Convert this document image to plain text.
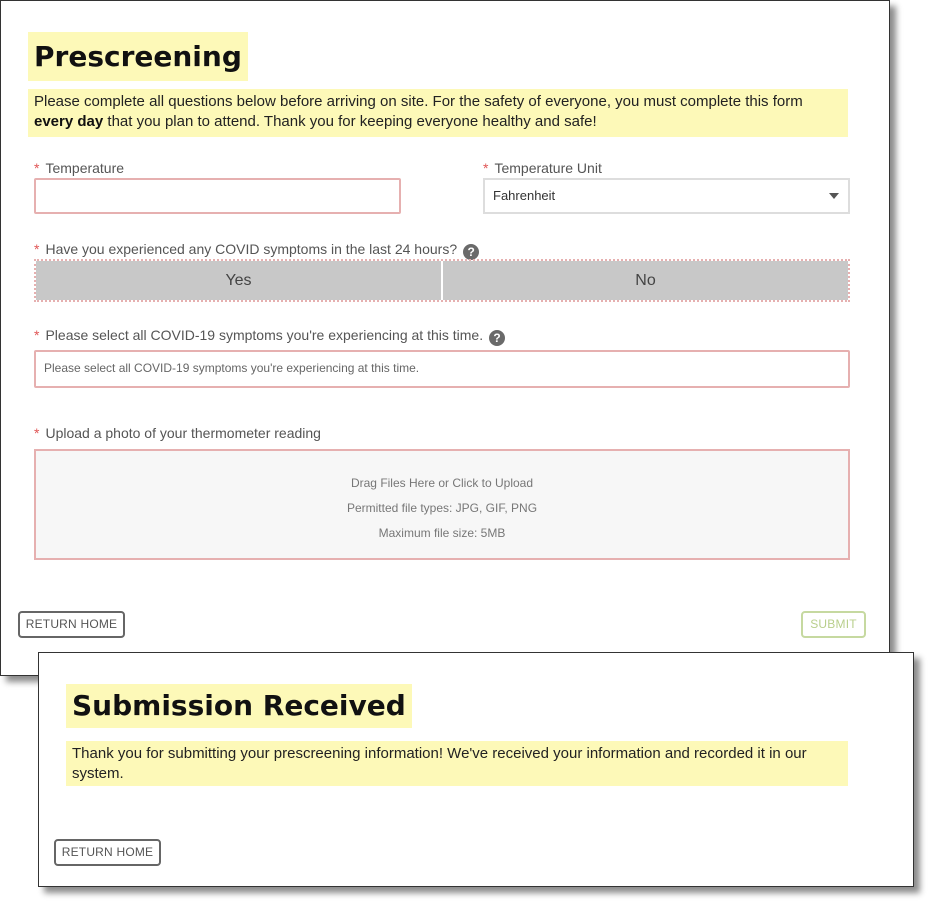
Prescreening
Please complete all questions below before arriving on site. For the safety of everyone, you must complete this form every day that you plan to attend. Thank you for keeping everyone healthy and safe!
* Temperature	* Temperature Unit
Fahrenheit
* Have you experienced any COVID symptoms in the last 24 hours? ?
Yes	No
* Please select all COVID-19 symptoms you're experiencing at this time. ?
Please select all COVID-19 symptoms you're experiencing at this time.
* Upload a photo of your thermometer reading
Drag Files Here or Click to Upload
Permitted file types: JPG, GIF, PNG
Maximum file size: 5MB
RETURN HOME	SUBMIT
Submission Received
Thank you for submitting your prescreening information! We've received your information and recorded it in our system.
RETURN HOME
